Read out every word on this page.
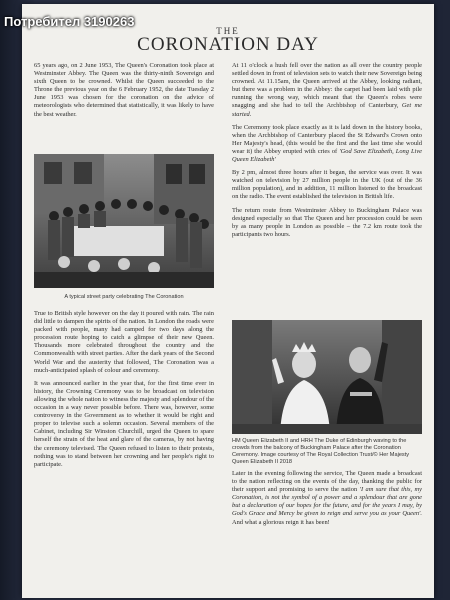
Потребител 3190263
THE
CORONATION DAY

65 years ago, on 2 June 1953, The Queen's Coronation took place at Westminster Abbey. The Queen was the thirty-ninth Sovereign and sixth Queen to be crowned. Whilst the Queen succeeded to the Throne the previous year on the 6 February 1952, the date Tuesday 2 June 1953 was chosen for the coronation on the advice of meteorologists who determined that statistically, it was likely to have the best weather.

A typical street party celebrating The Coronation

True to British style however on the day it poured with rain. The rain did little to dampen the spirits of the nation. In London the roads were packed with people, many had camped for two days along the procession route hoping to catch a glimpse of their new Queen. Thousands more celebrated throughout the country and the Commonwealth with street parties. After the dark years of the Second World War and the austerity that followed, The Coronation was a much-anticipated splash of colour and ceremony.

It was announced earlier in the year that, for the first time ever in history, the Crowning Ceremony was to be broadcast on television allowing the whole nation to witness the majesty and splendour of the occasion in a way never possible before. There was, however, some controversy in the Government as to whether it would be right and proper to televise such a solemn occasion. Several members of the Cabinet, including Sir Winston Churchill, urged the Queen to spare herself the strain of the heat and glare of the cameras, by not having the ceremony televised. The Queen refused to listen to their protests, nothing was to stand between her crowning and her people's right to participate.

At 11 o'clock a hush fell over the nation as all over the country people settled down in front of television sets to watch their new Sovereign being crowned. At 11.15am, the Queen arrived at the Abbey, looking radiant, but there was a problem in the Abbey: the carpet had been laid with pile running the wrong way, which meant that the Queen's robes were snagging and she had to tell the Archbishop of Canterbury, Get me started.

The Ceremony took place exactly as it is laid down in the history books, when the Archbishop of Canterbury placed the St Edward's Crown onto Her Majesty's head, (this would be the first and the last time she would wear it) the Abbey erupted with cries of 'God Save Elizabeth, Long Live Queen Elizabeth'

By 2 pm, almost three hours after it began, the service was over. It was watched on television by 27 million people in the UK (out of the 36 million population), and in addition, 11 million listened to the broadcast on the radio. The event established the television in British life.

The return route from Westminster Abbey to Buckingham Palace was designed especially so that The Queen and her procession could be seen by as many people in London as possible – the 7.2 km route took the participants two hours.

HM Queen Elizabeth II and HRH The Duke of Edinburgh waving to the crowds from the balcony of Buckingham Palace after the Coronation Ceremony. Image courtesy of The Royal Collection Trust/© Her Majesty Queen Elizabeth II 2018

Later in the evening following the service, The Queen made a broadcast to the nation reflecting on the events of the day, thanking the public for their support and promising to serve the nation 'I am sure that this, my Coronation, is not the symbol of a power and a splendour that are gone but a declaration of our hopes for the future, and for the years I may, by God's Grace and Mercy be given to reign and serve you as your Queen'. And what a glorious reign it has been!
